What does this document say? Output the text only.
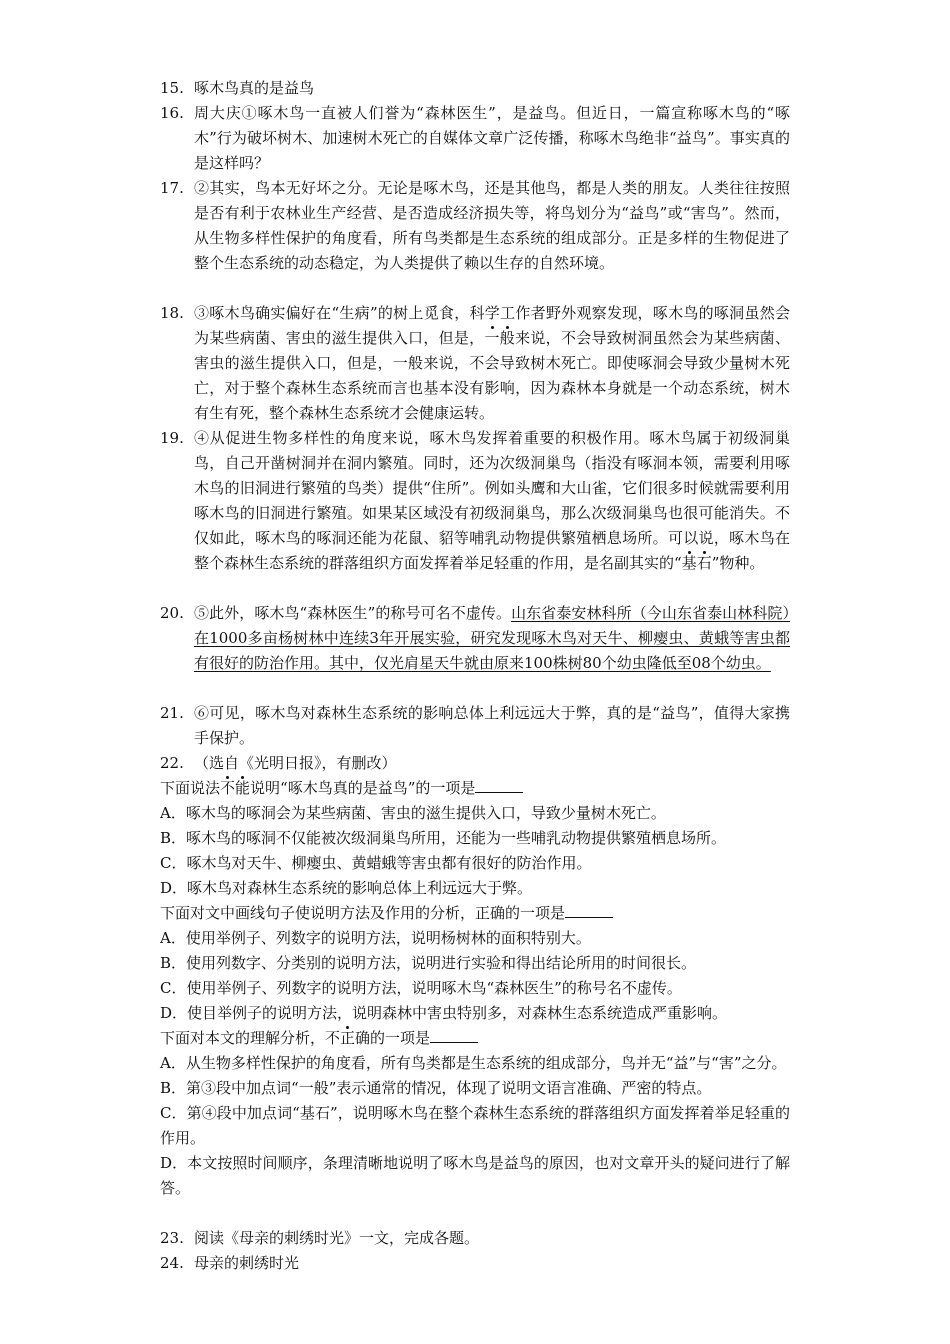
15. 啄木鸟真的是益鸟
16. 周大庆①啄木鸟一直被人们誉为“森林医生”，是益鸟。但近日，一篇宣称啄木鸟的“啄木”行为破坏树木、加速树木死亡的自媒体文章广泛传播，称啄木鸟绝非“益鸟”。事实真的是这样吗？
17. ②其实，鸟本无好坏之分。无论是啄木鸟，还是其他鸟，都是人类的朋友。人类往往按照是否有利于农林业生产经营、是否造成经济损失等，将鸟划分为“益鸟”或“害鸟”。然而，从生物多样性保护的角度看，所有鸟类都是生态系统的组成部分。正是多样的生物促进了整个生态系统的动态稳定，为人类提供了赖以生存的自然环境。
18. ③啄木鸟确实偏好在“生病”的树上觅食，科学工作者野外观察发现，啄木鸟的啄洞虽然会为某些病菌、害虫的滋生提供入口，但是，一般来说，不会导致树洞虽然会为某些病菌、害虫的滋生提供入口，但是，一般来说，不会导致树木死亡。即使啄洞会导致少量树木死亡，对于整个森林生态系统而言也基本没有影响，因为森林本身就是一个动态系统，树木有生有死，整个森林生态系统才会健康运转。
19. ④从促进生物多样性的角度来说，啄木鸟发挥着重要的积极作用。啄木鸟属于初级洞巢鸟，自己开凿树洞并在洞内繁殖。同时，还为次级洞巢鸟（指没有啄洞本领，需要利用啄木鸟的旧洞进行繁殖的鸟类）提供“住所”。例如头鹰和大山雀，它们很多时候就需要利用啄木鸟的旧洞进行繁殖。如果某区域没有初级洞巢鸟，那么次级洞巢鸟也很可能消失。不仅如此，啄木鸟的啄洞还能为花鼠、貂等哺乳动物提供繁殖栖息场所。可以说，啄木鸟在整个森林生态系统的群落组织方面发挥着举足轻重的作用，是名副其实的“基石”物种。
20. ⑤此外，啄木鸟“森林医生”的称号可名不虚传。山东省泰安林科所（今山东省泰山林科院）在1000多亩杨树林中连续3年开展实验，研究发现啄木鸟对天牛、柳瘿虫、黄蛾等害虫都有很好的防治作用。其中，仅光肩星天牛就由原来100株树80个幼虫隆低至08个幼虫。
21. ⑥可见，啄木鸟对森林生态系统的影响总体上利远远大于弊，真的是“益鸟”，值得大家携手保护。
22. （选自《光明日报》，有删改）
下面说法不能说明“啄木鸟真的是益鸟”的一项是
A．啄木鸟的啄洞会为某些病菌、害虫的滋生提供入口，导致少量树木死亡。
B．啄木鸟的啄洞不仅能被次级洞巢鸟所用，还能为一些哺乳动物提供繁殖栖息场所。
C．啄木鸟对天牛、柳瘿虫、黄蜡蛾等害虫都有很好的防治作用。
D．啄木鸟对森林生态系统的影响总体上利远远大于弊。
下面对文中画线句子使说明方法及作用的分析，正确的一项是
A．使用举例子、列数字的说明方法，说明杨树林的面积特别大。
B．使用列数字、分类别的说明方法，说明进行实验和得出结论所用的时间很长。
C．使用举例子、列数字的说明方法，说明啄木鸟“森林医生”的称号名不虚传。
D．使目举例子的说明方法，说明森林中害虫特别多，对森林生态系统造成严重影响。
下面对本文的理解分析，不正确的一项是
A．从生物多样性保护的角度看，所有鸟类都是生态系统的组成部分，鸟并无“益”与“害”之分。
B．第③段中加点词“一般”表示通常的情况，体现了说明文语言准确、严密的特点。
C．第④段中加点词“基石”，说明啄木鸟在整个森林生态系统的群落组织方面发挥着举足轻重的作用。
D．本文按照时间顺序，条理清晰地说明了啄木鸟是益鸟的原因，也对文章开头的疑问进行了解答。
23. 阅读《母亲的刺绣时光》一文，完成各题。
24. 母亲的刺绣时光
